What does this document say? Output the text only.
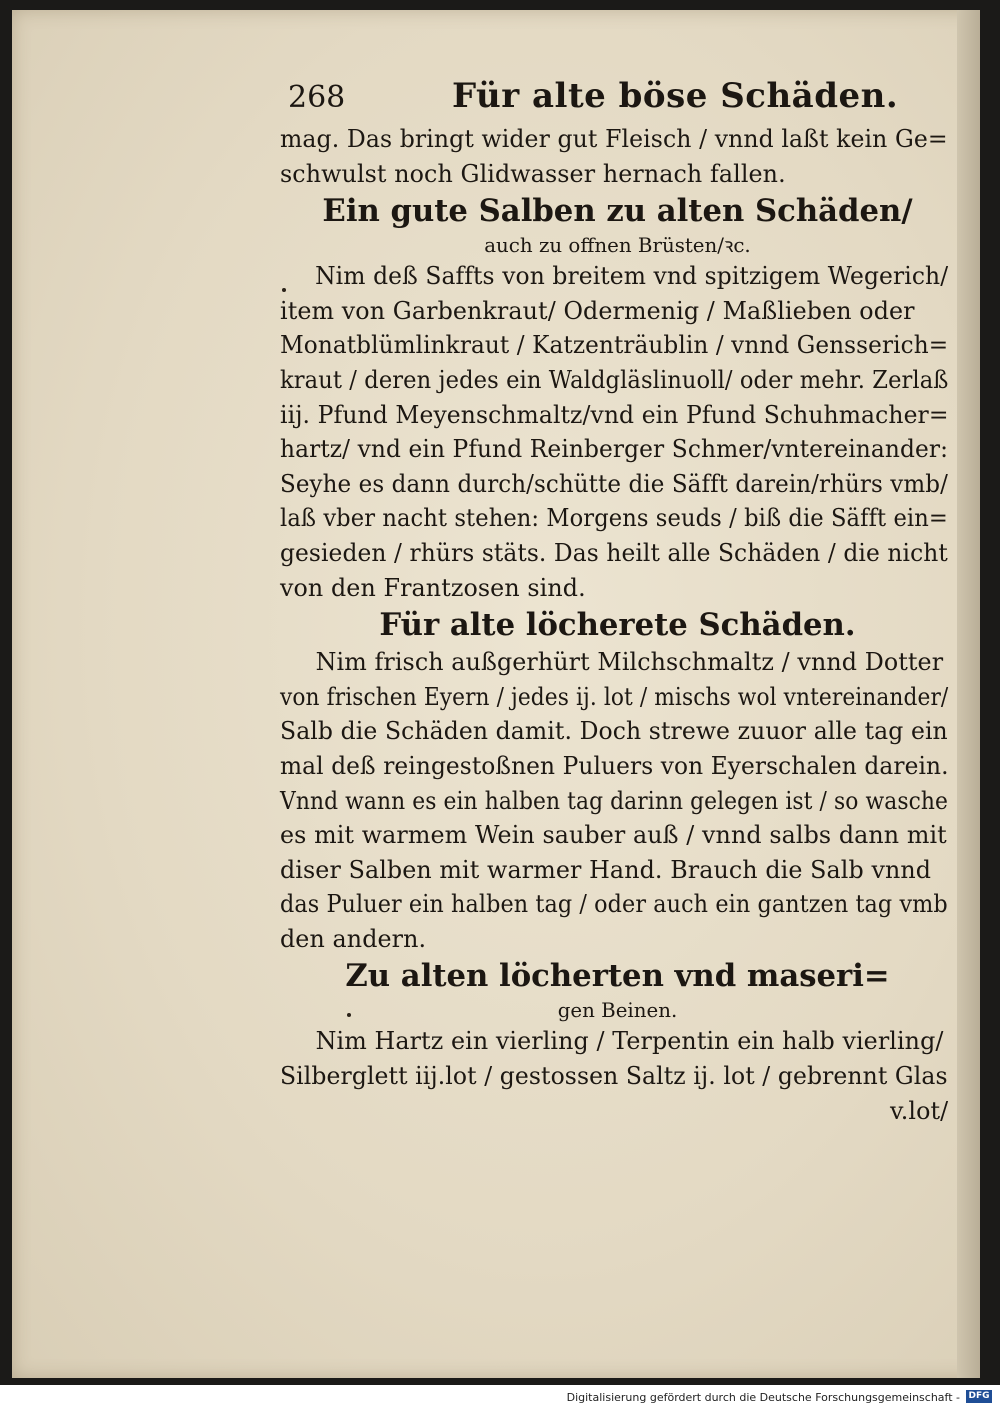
268	Für alte böse Schäden.
mag. Das bringt wider gut Fleisch / vnnd laßt kein Ge=
schwulst noch Glidwasser hernach fallen.
Ein gute Salben zu alten Schäden/
auch zu offnen Brüsten/ꝛc.
Nim deß Saffts von breitem vnd spitzigem Wegerich/
item von Garbenkraut/ Odermenig / Maßlieben oder
Monatblümlinkraut / Katzenträublin / vnnd Gensserich=
kraut / deren jedes ein Waldgläslinuoll/ oder mehr. Zerlaß
iij. Pfund Meyenschmaltz/vnd ein Pfund Schuhmacher=
hartz/ vnd ein Pfund Reinberger Schmer/vntereinander:
Seyhe es dann durch/schütte die Säfft darein/rhürs vmb/
laß vber nacht stehen: Morgens seuds / biß die Säfft ein=
gesieden / rhürs stäts. Das heilt alle Schäden / die nicht
von den Frantzosen sind.
Für alte löcherete Schäden.
Nim frisch außgerhürt Milchschmaltz / vnnd Dotter
von frischen Eyern / jedes ij. lot / mischs wol vntereinander/
Salb die Schäden damit. Doch strewe zuuor alle tag ein
mal deß reingestoßnen Puluers von Eyerschalen darein.
Vnnd wann es ein halben tag darinn gelegen ist / so wasche
es mit warmem Wein sauber auß / vnnd salbs dann mit
diser Salben mit warmer Hand. Brauch die Salb vnnd
das Puluer ein halben tag / oder auch ein gantzen tag vmb
den andern.
Zu alten löcherten vnd maseri=
gen Beinen.
Nim Hartz ein vierling / Terpentin ein halb vierling/
Silberglett iij.lot / gestossen Saltz ij. lot / gebrennt Glas
v.lot/
Digitalisierung gefördert durch die Deutsche Forschungsgemeinschaft - DFG
